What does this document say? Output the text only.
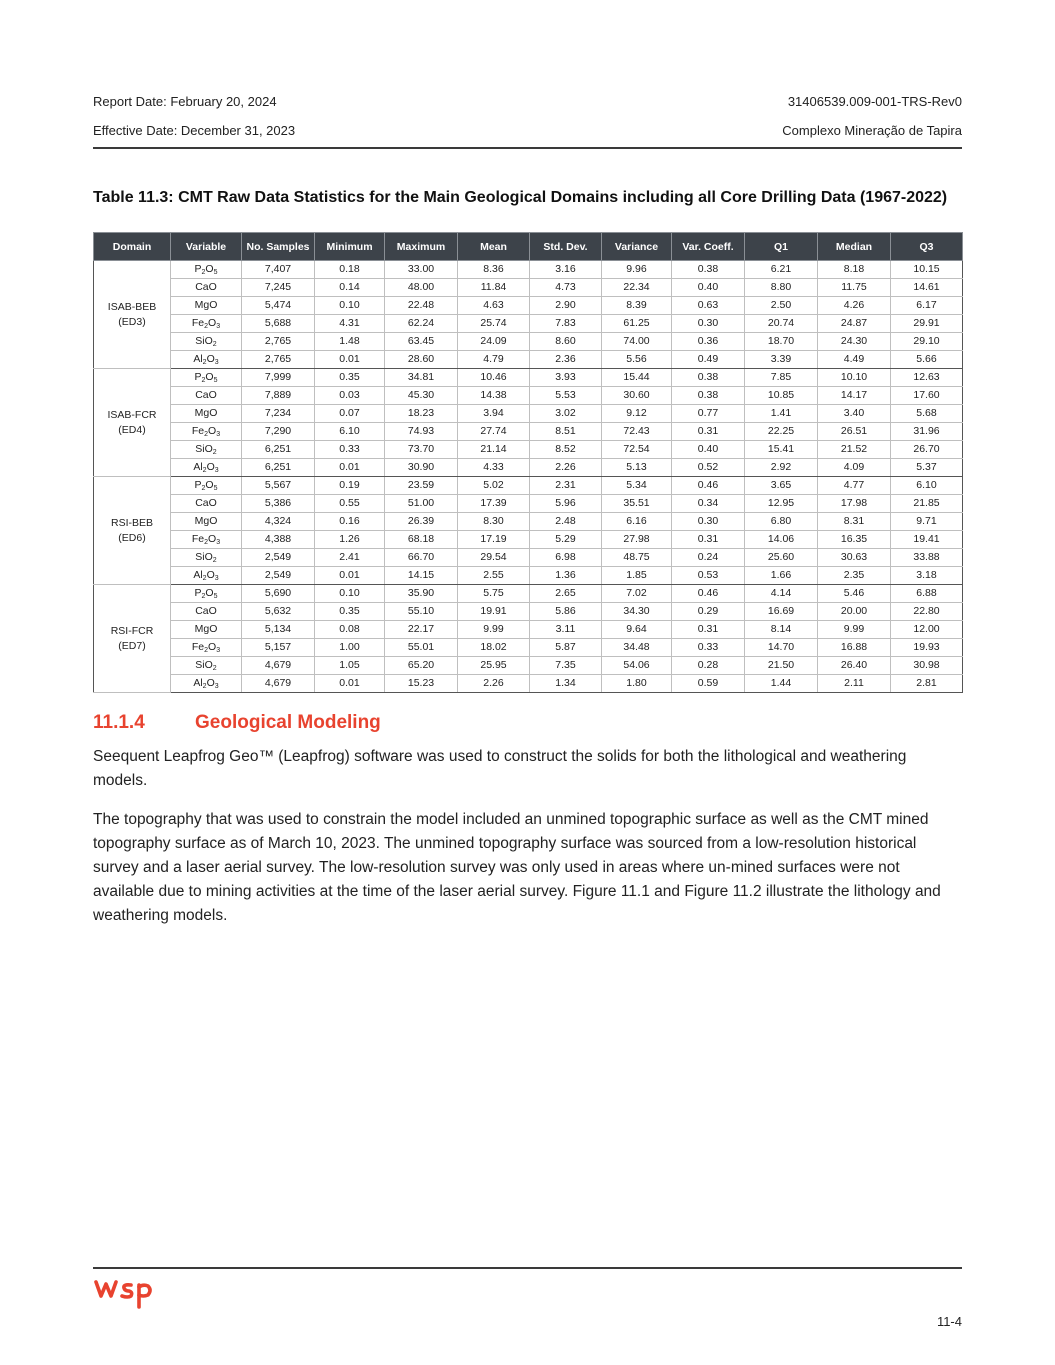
Report Date: February 20, 2024	31406539.009-001-TRS-Rev0
Effective Date: December 31, 2023	Complexo Mineração de Tapira
Table 11.3: CMT Raw Data Statistics for the Main Geological Domains including all Core Drilling Data (1967-2022)
Domain	Variable	No. Samples	Minimum	Maximum	Mean	Std. Dev.	Variance	Var. Coeff.	Q1	Median	Q3
ISAB-BEB
(ED3)	$P_2O_5$	7,407	0.18	33.00	8.36	3.16	9.96	0.38	6.21	8.18	10.15
	CaO	7,245	0.14	48.00	11.84	4.73	22.34	0.40	8.80	11.75	14.61
	MgO	5,474	0.10	22.48	4.63	2.90	8.39	0.63	2.50	4.26	6.17
	$Fe_2O_3$	5,688	4.31	62.24	25.74	7.83	61.25	0.30	20.74	24.87	29.91
	SiO$_2$	2,765	1.48	63.45	24.09	8.60	74.00	0.36	18.70	24.30	29.10
	$Al_2O_3$	2,765	0.01	28.60	4.79	2.36	5.56	0.49	3.39	4.49	5.66
ISAB-FCR
(ED4)	$P_2O_5$	7,999	0.35	34.81	10.46	3.93	15.44	0.38	7.85	10.10	12.63
	CaO	7,889	0.03	45.30	14.38	5.53	30.60	0.38	10.85	14.17	17.60
	MgO	7,234	0.07	18.23	3.94	3.02	9.12	0.77	1.41	3.40	5.68
	$Fe_2O_3$	7,290	6.10	74.93	27.74	8.51	72.43	0.31	22.25	26.51	31.96
	SiO$_2$	6,251	0.33	73.70	21.14	8.52	72.54	0.40	15.41	21.52	26.70
	$Al_2O_3$	6,251	0.01	30.90	4.33	2.26	5.13	0.52	2.92	4.09	5.37
RSI-BEB
(ED6)	$P_2O_5$	5,567	0.19	23.59	5.02	2.31	5.34	0.46	3.65	4.77	6.10
	CaO	5,386	0.55	51.00	17.39	5.96	35.51	0.34	12.95	17.98	21.85
	MgO	4,324	0.16	26.39	8.30	2.48	6.16	0.30	6.80	8.31	9.71
	$Fe_2O_3$	4,388	1.26	68.18	17.19	5.29	27.98	0.31	14.06	16.35	19.41
	SiO$_2$	2,549	2.41	66.70	29.54	6.98	48.75	0.24	25.60	30.63	33.88
	$Al_2O_3$	2,549	0.01	14.15	2.55	1.36	1.85	0.53	1.66	2.35	3.18
RSI-FCR
(ED7)	$P_2O_5$	5,690	0.10	35.90	5.75	2.65	7.02	0.46	4.14	5.46	6.88
	CaO	5,632	0.35	55.10	19.91	5.86	34.30	0.29	16.69	20.00	22.80
	MgO	5,134	0.08	22.17	9.99	3.11	9.64	0.31	8.14	9.99	12.00
	$Fe_2O_3$	5,157	1.00	55.01	18.02	5.87	34.48	0.33	14.70	16.88	19.93
	SiO$_2$	4,679	1.05	65.20	25.95	7.35	54.06	0.28	21.50	26.40	30.98
	$Al_2O_3$	4,679	0.01	15.23	2.26	1.34	1.80	0.59	1.44	2.11	2.81
11.1.4	Geological Modeling

Seequent Leapfrog Geo™ (Leapfrog) software was used to construct the solids for both the lithological and weathering models.

The topography that was used to constrain the model included an unmined topographic surface as well as the CMT mined topography surface as of March 10, 2023. The unmined topography surface was sourced from a low-resolution historical survey and a laser aerial survey. The low-resolution survey was only used in areas where un-mined surfaces were not available due to mining activities at the time of the laser aerial survey. Figure 11.1 and Figure 11.2 illustrate the lithology and weathering models.

11-4
